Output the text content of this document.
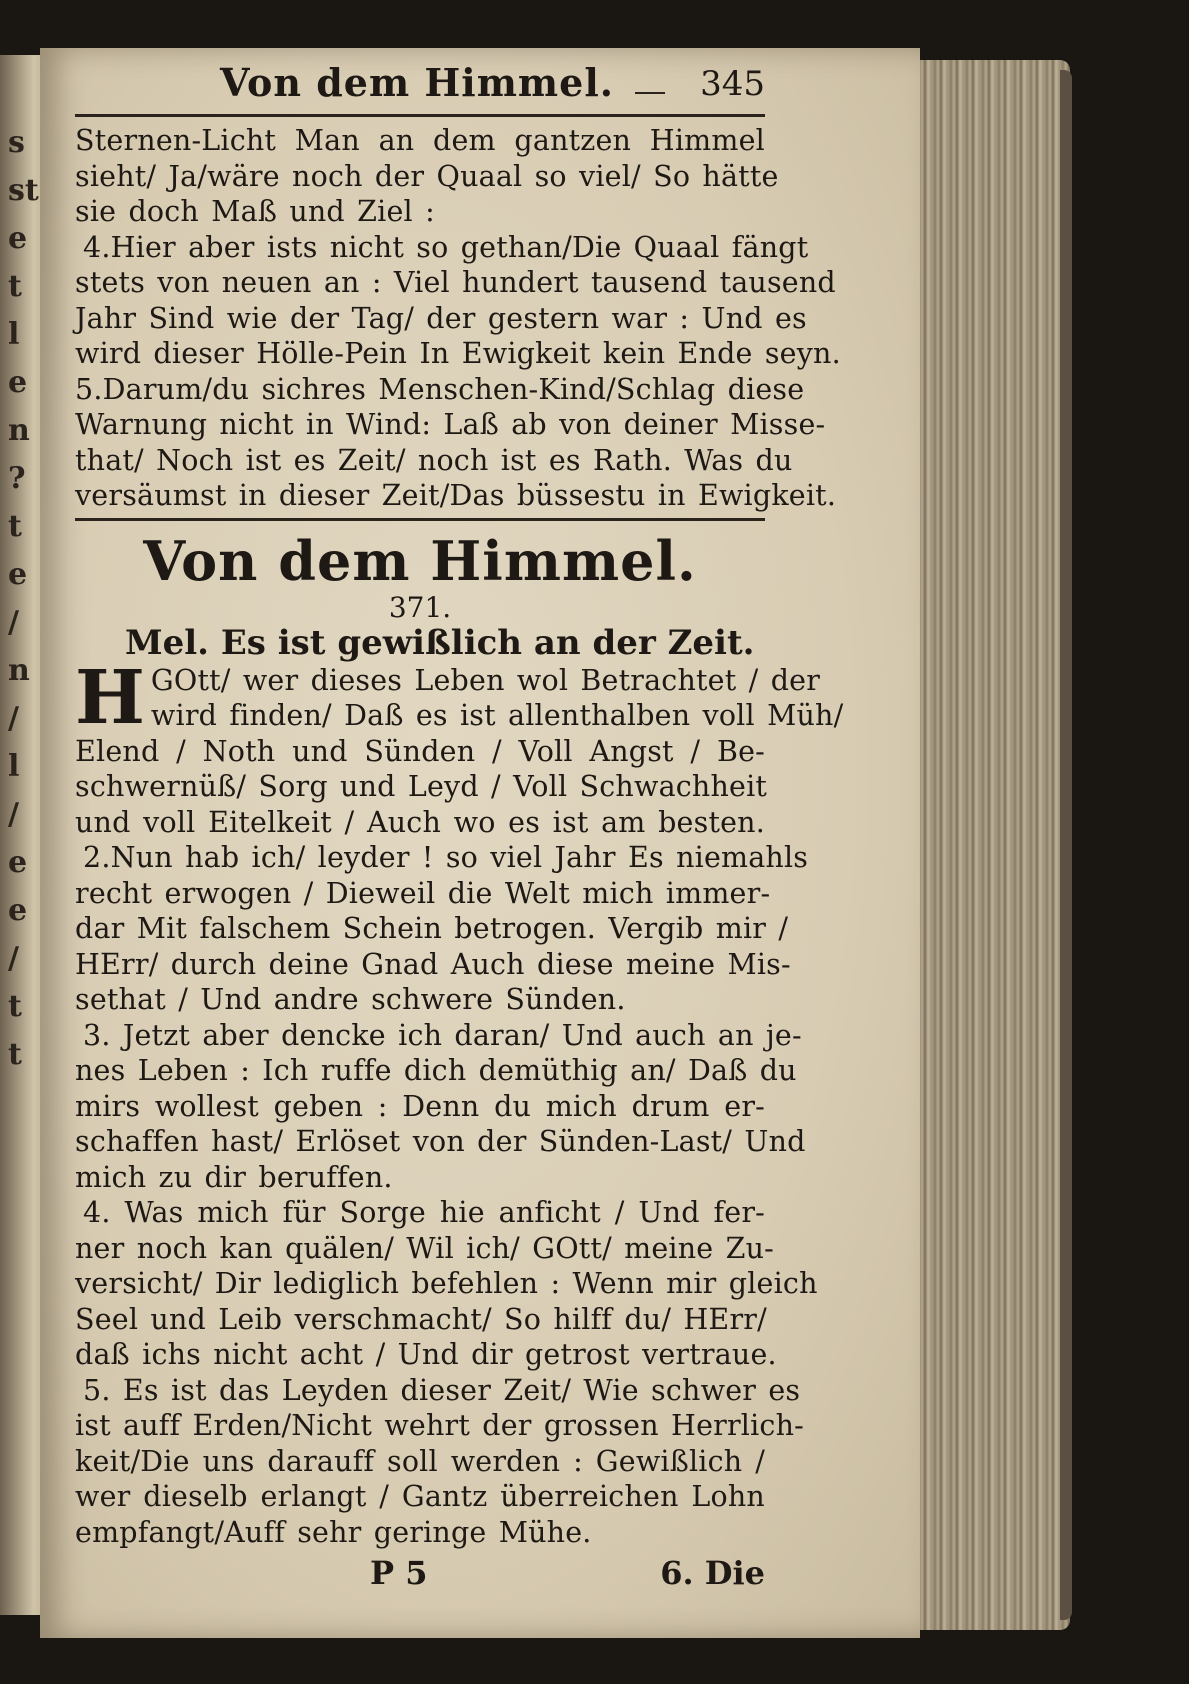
s
st
e
t
l
e
n
?
t
e
/
n
/
l
/
e
e
/
t
t
Von dem Himmel.	345
Sternen-Licht Man an dem gantzen Himmel
sieht/ Ja/wäre noch der Quaal so viel/ So hätte
sie doch Maß und Ziel :
4.Hier aber ists nicht so gethan/Die Quaal fängt
stets von neuen an : Viel hundert tausend tausend
Jahr Sind wie der Tag/ der gestern war : Und es
wird dieser Hölle-Pein In Ewigkeit kein Ende seyn.
5.Darum/du sichres Menschen-Kind/Schlag diese
Warnung nicht in Wind: Laß ab von deiner Misse-
that/ Noch ist es Zeit/ noch ist es Rath. Was du
versäumst in dieser Zeit/Das büssestu in Ewigkeit.
Von dem Himmel.
371.
Mel. Es ist gewißlich an der Zeit.
H GOtt/ wer dieses Leben wol Betrachtet / der
wird finden/ Daß es ist allenthalben voll Müh/
Elend / Noth und Sünden / Voll Angst / Be-
schwernüß/ Sorg und Leyd / Voll Schwachheit
und voll Eitelkeit / Auch wo es ist am besten.
2.Nun hab ich/ leyder ! so viel Jahr Es niemahls
recht erwogen / Dieweil die Welt mich immer-
dar Mit falschem Schein betrogen. Vergib mir /
HErr/ durch deine Gnad Auch diese meine Mis-
sethat / Und andre schwere Sünden.
3. Jetzt aber dencke ich daran/ Und auch an je-
nes Leben : Ich ruffe dich demüthig an/ Daß du
mirs wollest geben : Denn du mich drum er-
schaffen hast/ Erlöset von der Sünden-Last/ Und
mich zu dir beruffen.
4. Was mich für Sorge hie anficht / Und fer-
ner noch kan quälen/ Wil ich/ GOtt/ meine Zu-
versicht/ Dir lediglich befehlen : Wenn mir gleich
Seel und Leib verschmacht/ So hilff du/ HErr/
daß ichs nicht acht / Und dir getrost vertraue.
5. Es ist das Leyden dieser Zeit/ Wie schwer es
ist auff Erden/Nicht wehrt der grossen Herrlich-
keit/Die uns darauff soll werden : Gewißlich /
wer dieselb erlangt / Gantz überreichen Lohn
empfangt/Auff sehr geringe Mühe.
P 5	6. Die
